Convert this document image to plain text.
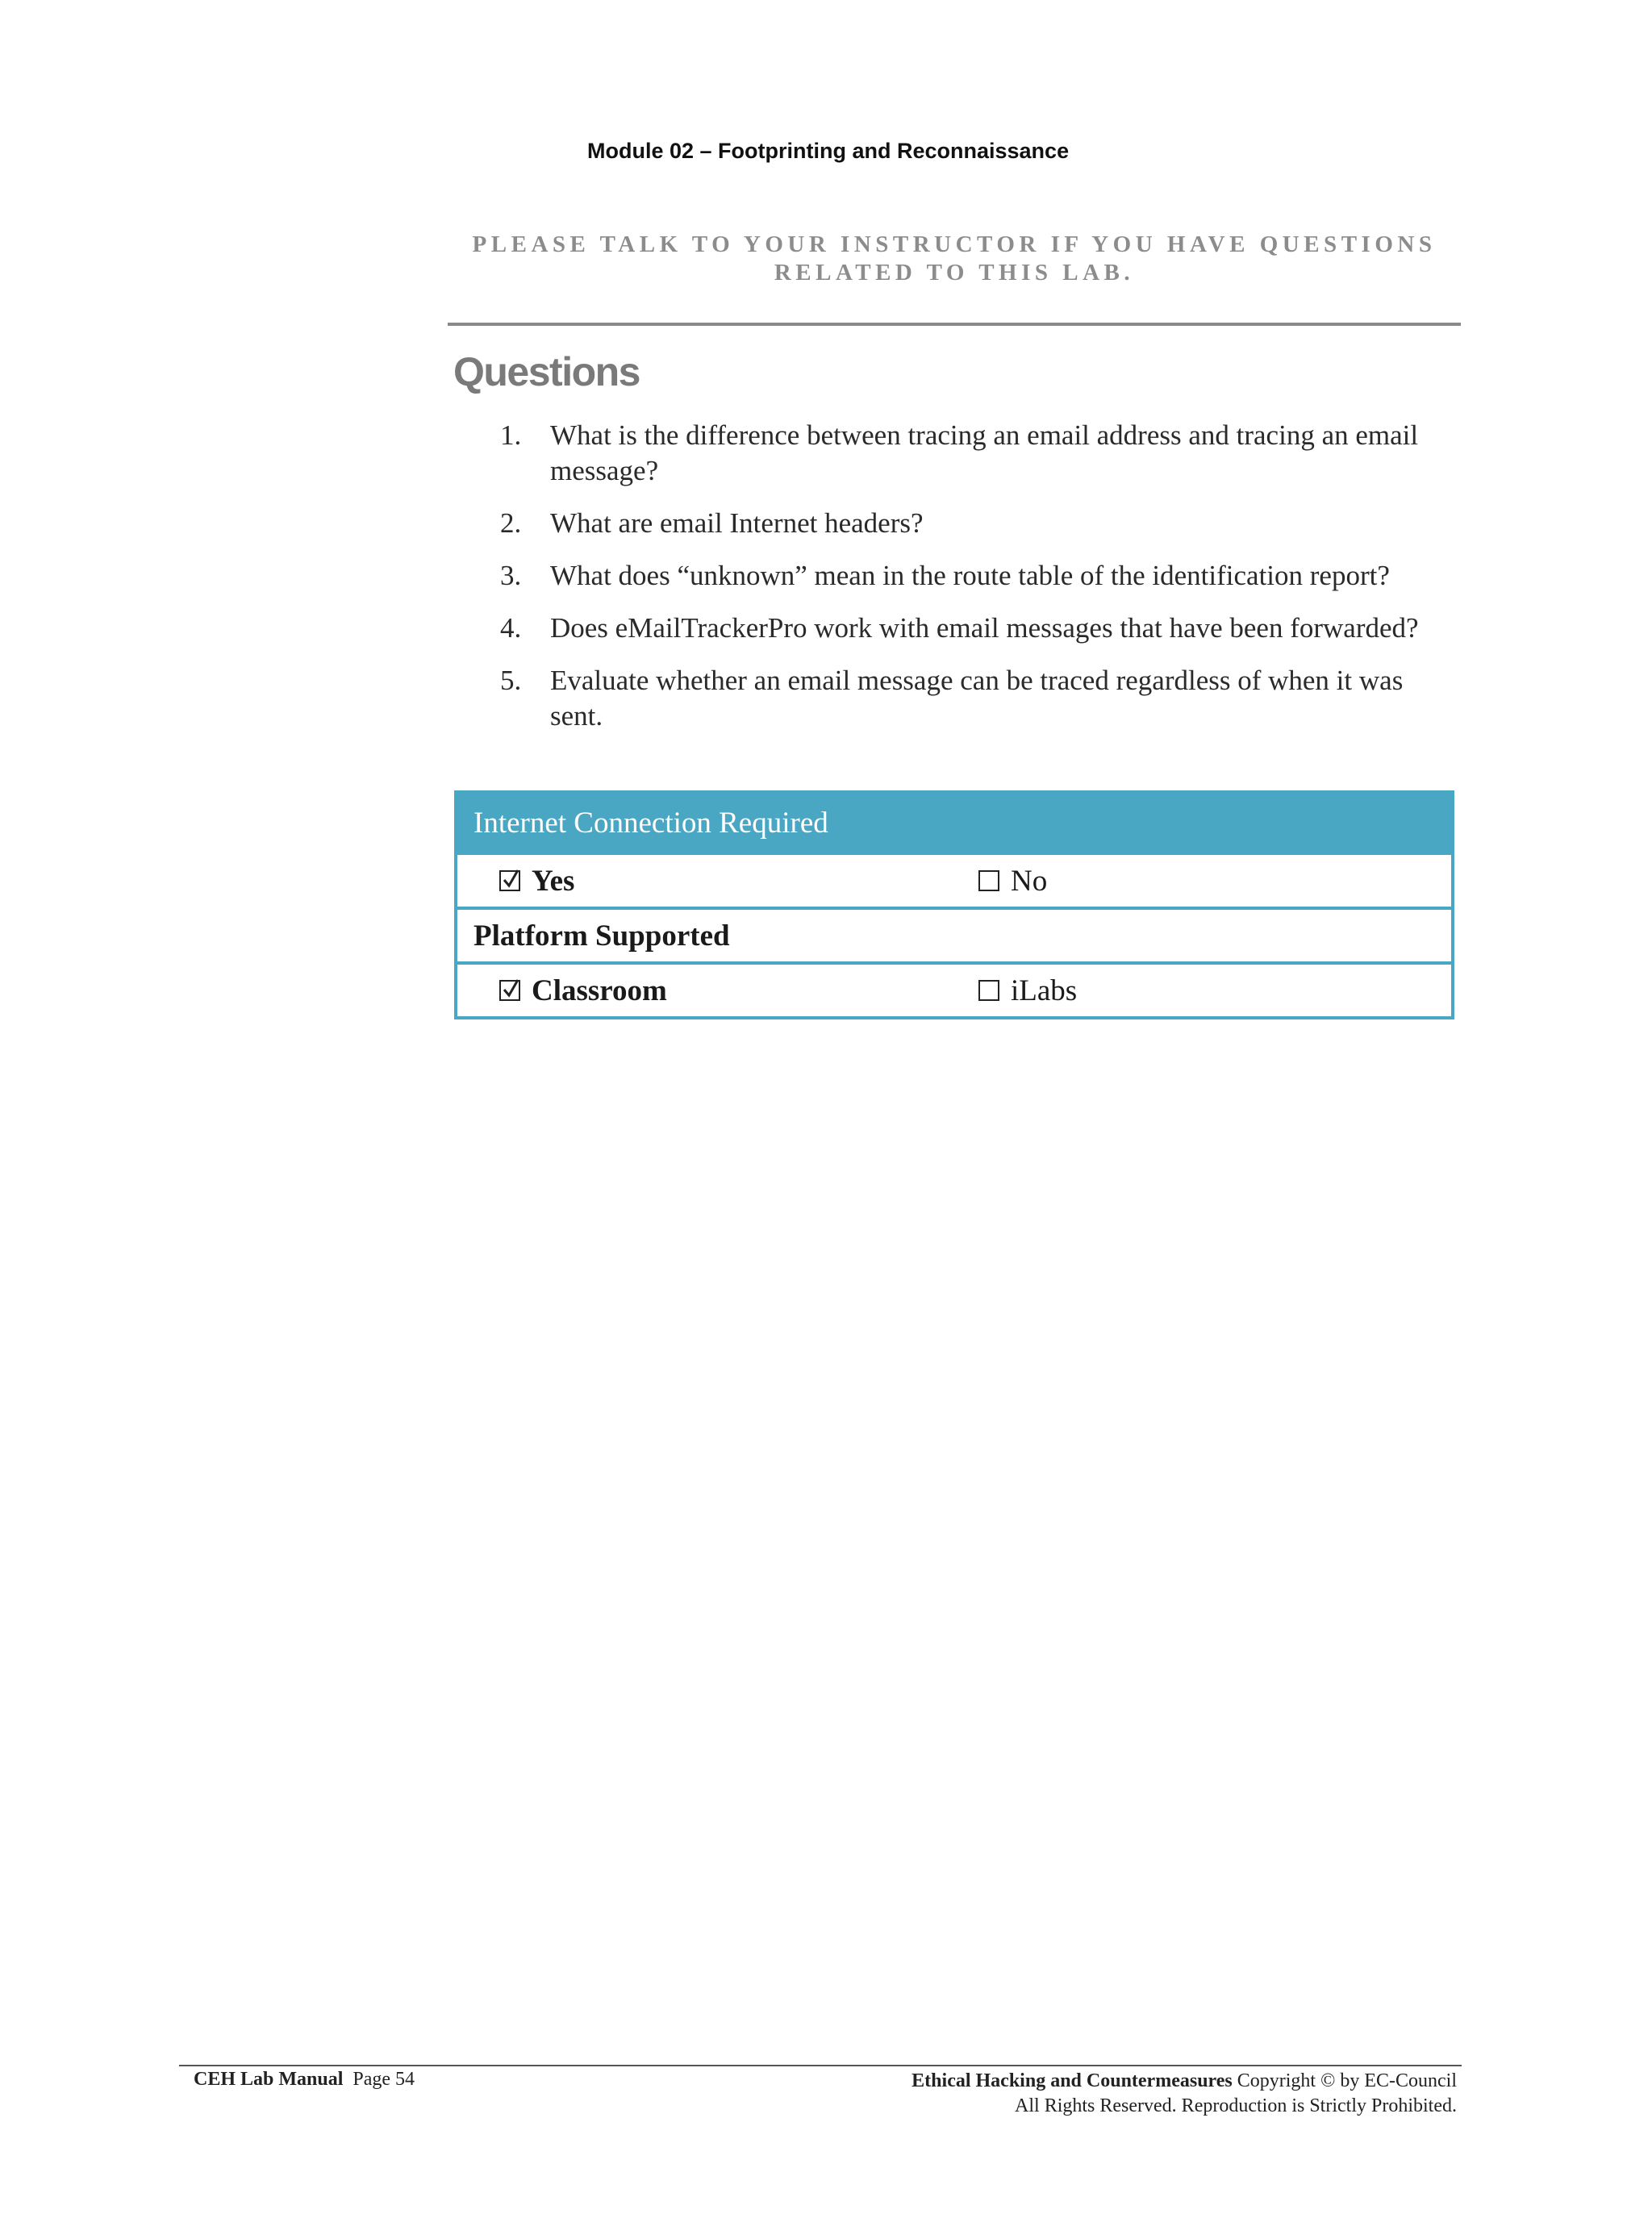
Module 02 – Footprinting and Reconnaissance
PLEASE TALK TO YOUR INSTRUCTOR IF YOU HAVE QUESTIONS
RELATED TO THIS LAB.
Questions
1. What is the difference between tracing an email address and tracing an email message?
2. What are email Internet headers?
3. What does “unknown” mean in the route table of the identification report?
4. Does eMailTrackerPro work with email messages that have been forwarded?
5. Evaluate whether an email message can be traced regardless of when it was sent.
Internet Connection Required
Yes	No
Platform Supported
Classroom	iLabs
CEH Lab Manual Page 54	Ethical Hacking and Countermeasures Copyright © by EC-Council
All Rights Reserved. Reproduction is Strictly Prohibited.
